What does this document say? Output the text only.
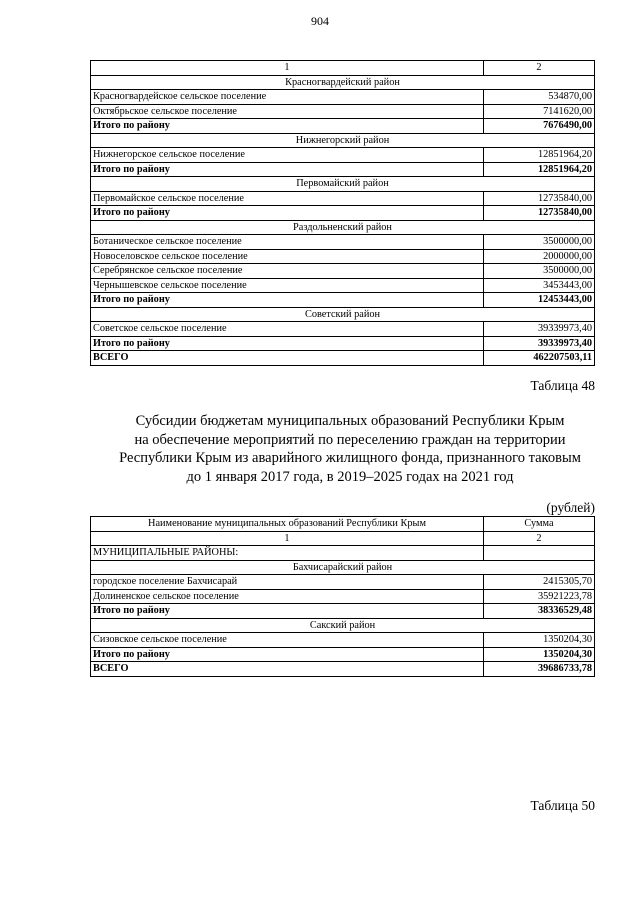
904
1	2
Красногвардейский район	
Красногвардейское сельское поселение	534870,00
Октябрьское сельское поселение	7141620,00
Итого по району	7676490,00
Нижнегорский район	
Нижнегорское сельское поселение	12851964,20
Итого по району	12851964,20
Первомайский район	
Первомайское сельское поселение	12735840,00
Итого по району	12735840,00
Раздольненский район	
Ботаническое сельское поселение	3500000,00
Новоселовское сельское поселение	2000000,00
Серебрянское сельское поселение	3500000,00
Чернышевское сельское поселение	3453443,00
Итого по району	12453443,00
Советский район	
Советское сельское поселение	39339973,40
Итого по району	39339973,40
ВСЕГО	462207503,11
Таблица 48
Субсидии бюджетам муниципальных образований Республики Крым
на обеспечение мероприятий по переселению граждан на территории
Республики Крым из аварийного жилищного фонда, признанного таковым
до 1 января 2017 года, в 2019–2025 годах на 2021 год
(рублей)
Наименование муниципальных образований Республики Крым	Сумма
1	2
МУНИЦИПАЛЬНЫЕ РАЙОНЫ:	
Бахчисарайский район	
городское поселение Бахчисарай	2415305,70
Долиненское сельское поселение	35921223,78
Итого по району	38336529,48
Сакский район	
Сизовское сельское поселение	1350204,30
Итого по району	1350204,30
ВСЕГО	39686733,78
Таблица 50
